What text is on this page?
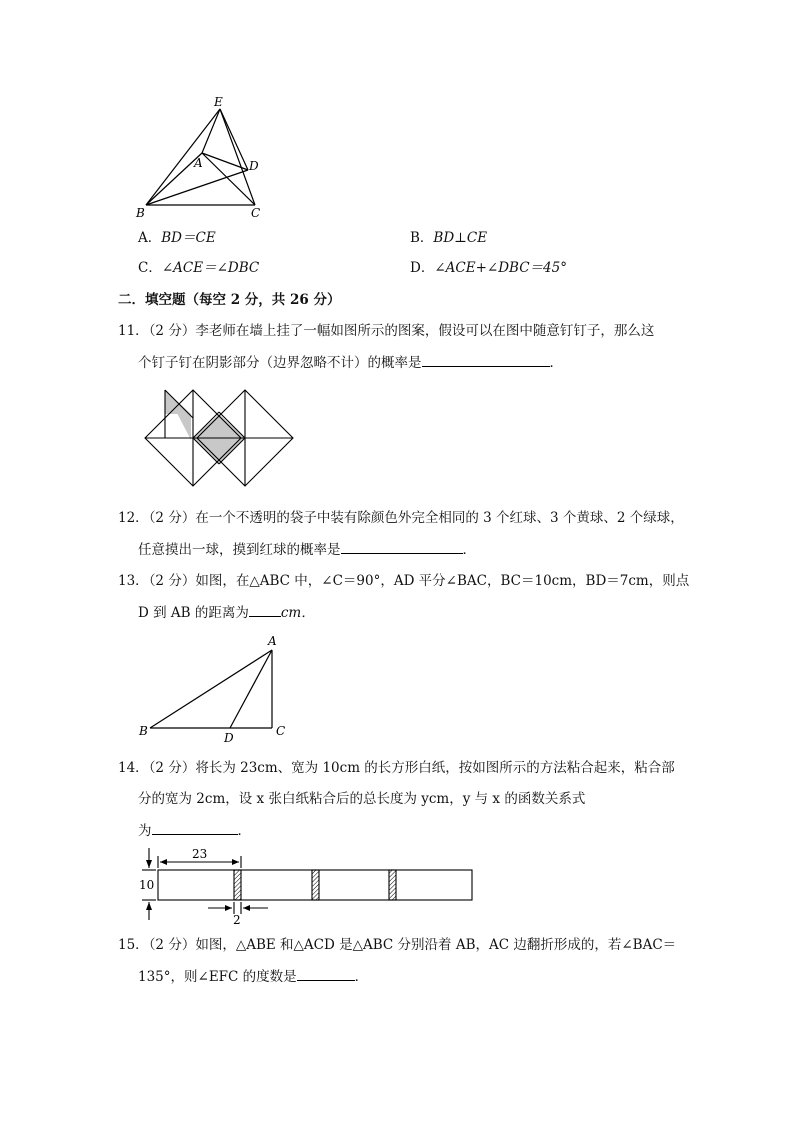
E
A	D
B	C
A．BD＝CE	B．BD⊥CE
C．∠ACE＝∠DBC	D．∠ACE+∠DBC＝45°
二．填空题（每空 2 分，共 26 分）
11．（2 分）李老师在墙上挂了一幅如图所示的图案，假设可以在图中随意钉钉子，那么这
个钉子钉在阴影部分（边界忽略不计）的概率是	．
12．（2 分）在一个不透明的袋子中装有除颜色外完全相同的 3 个红球、3 个黄球、2 个绿球，
任意摸出一球，摸到红球的概率是	．
13．（2 分）如图，在△ABC 中，∠C＝90°，AD 平分∠BAC，BC＝10cm，BD＝7cm，则点
D 到 AB 的距离为 cm．
A
B	C
D
14．（2 分）将长为 23cm、宽为 10cm 的长方形白纸，按如图所示的方法粘合起来，粘合部
分的宽为 2cm，设 x 张白纸粘合后的总长度为 ycm，y 与 x 的函数关系式
为	．
23
10
2
15．（2 分）如图，△ABE 和△ACD 是△ABC 分别沿着 AB，AC 边翻折形成的，若∠BAC＝
135°，则∠EFC 的度数是	．
